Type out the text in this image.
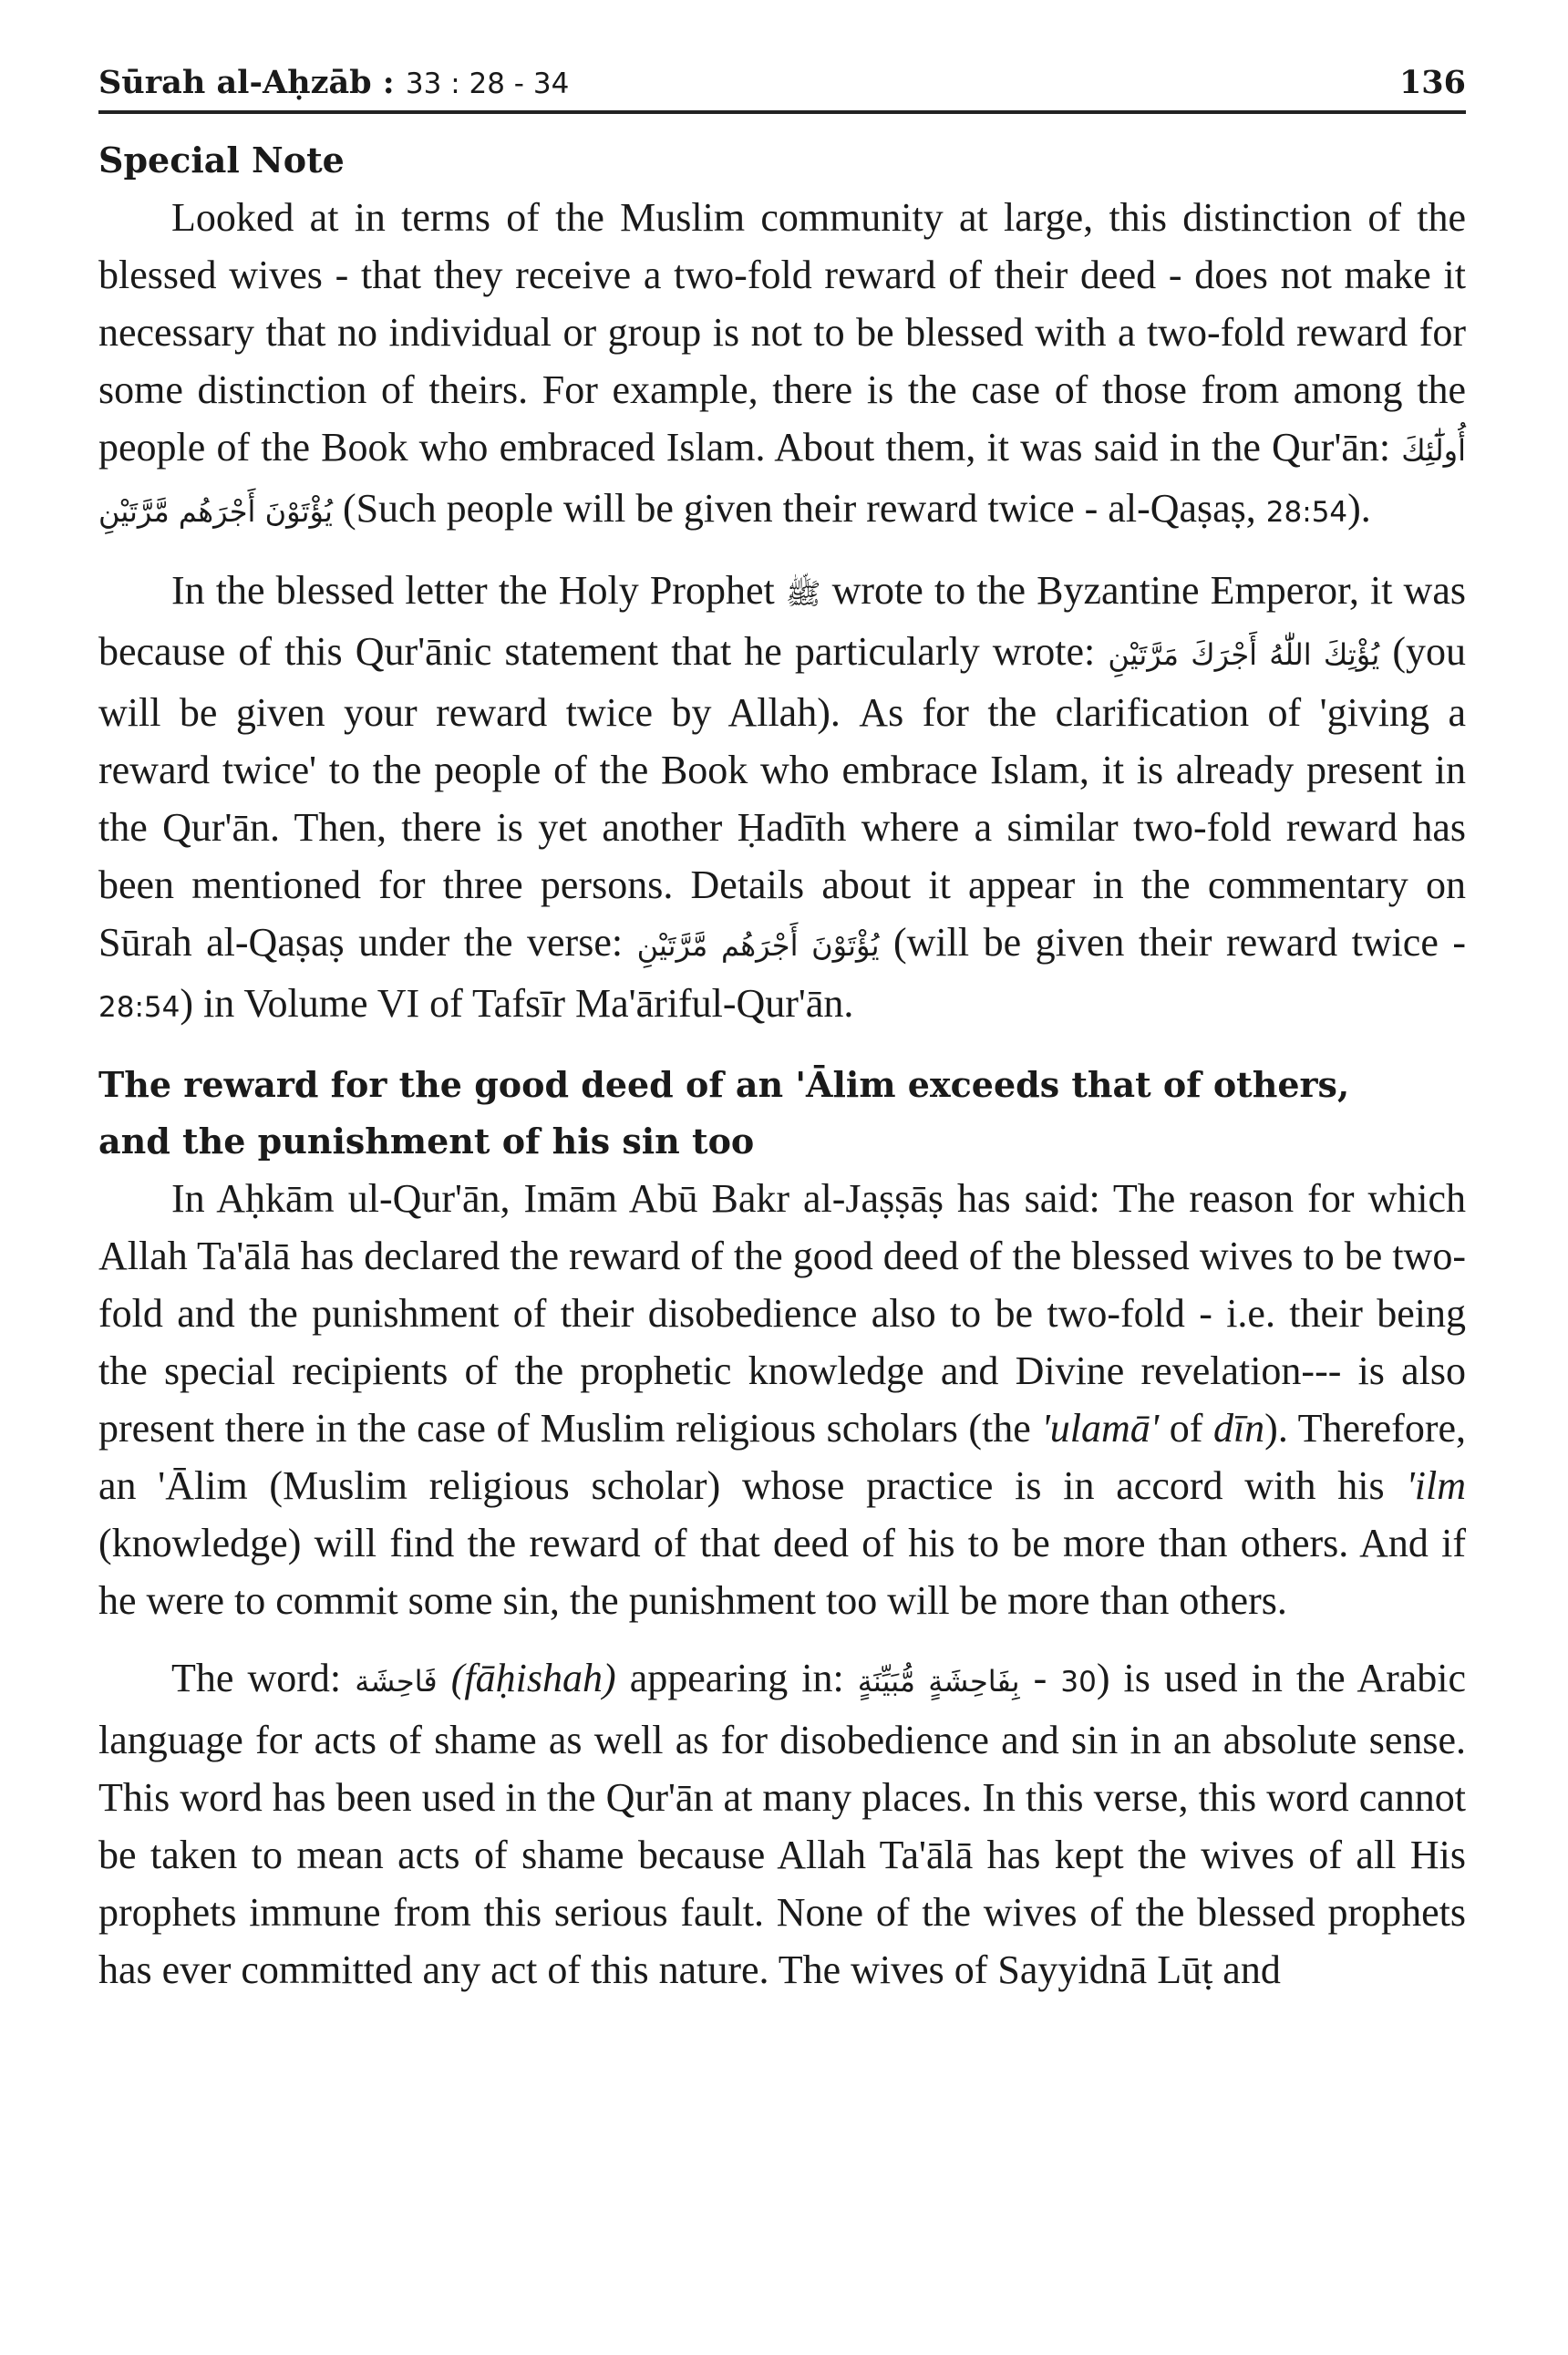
Sūrah al-Aḥzāb : 33 : 28 - 34	136
Special Note

Looked at in terms of the Muslim community at large, this distinction of the blessed wives - that they receive a two-fold reward of their deed - does not make it necessary that no individual or group is not to be blessed with a two-fold reward for some distinction of theirs. For example, there is the case of those from among the people of the Book who embraced Islam. About them, it was said in the Qur'ān: أُولَٰٓئِكَ يُؤْتَوْنَ أَجْرَهُم مَّرَّتَيْنِ (Such people will be given their reward twice - al-Qaṣaṣ, 28:54).

In the blessed letter the Holy Prophet ﷺ wrote to the Byzantine Emperor, it was because of this Qur'ānic statement that he particularly wrote: يُؤْتِكَ اللّٰهُ أَجْرَكَ مَرَّتَيْنِ (you will be given your reward twice by Allah). As for the clarification of 'giving a reward twice' to the people of the Book who embrace Islam, it is already present in the Qur'ān. Then, there is yet another Ḥadīth where a similar two-fold reward has been mentioned for three persons. Details about it appear in the commentary on Sūrah al-Qaṣaṣ under the verse: يُؤْتَوْنَ أَجْرَهُم مَّرَّتَيْنِ (will be given their reward twice - 28:54) in Volume VI of Tafsīr Ma'āriful-Qur'ān.

The reward for the good deed of an 'Ālim exceeds that of others,
and the punishment of his sin too

In Aḥkām ul-Qur'ān, Imām Abū Bakr al-Jaṣṣāṣ has said: The reason for which Allah Ta'ālā has declared the reward of the good deed of the blessed wives to be two-fold and the punishment of their disobedience also to be two-fold - i.e. their being the special recipients of the prophetic knowledge and Divine revelation--- is also present there in the case of Muslim religious scholars (the 'ulamā' of dīn). Therefore, an 'Ālim (Muslim religious scholar) whose practice is in accord with his 'ilm (knowledge) will find the reward of that deed of his to be more than others. And if he were to commit some sin, the punishment too will be more than others.

The word: فَاحِشَة (fāḥishah) appearing in: بِفَاحِشَةٍ مُّبَيِّنَةٍ - 30) is used in the Arabic language for acts of shame as well as for disobedience and sin in an absolute sense. This word has been used in the Qur'ān at many places. In this verse, this word cannot be taken to mean acts of shame because Allah Ta'ālā has kept the wives of all His prophets immune from this serious fault. None of the wives of the blessed prophets has ever committed any act of this nature. The wives of Sayyidnā Lūṭ and
